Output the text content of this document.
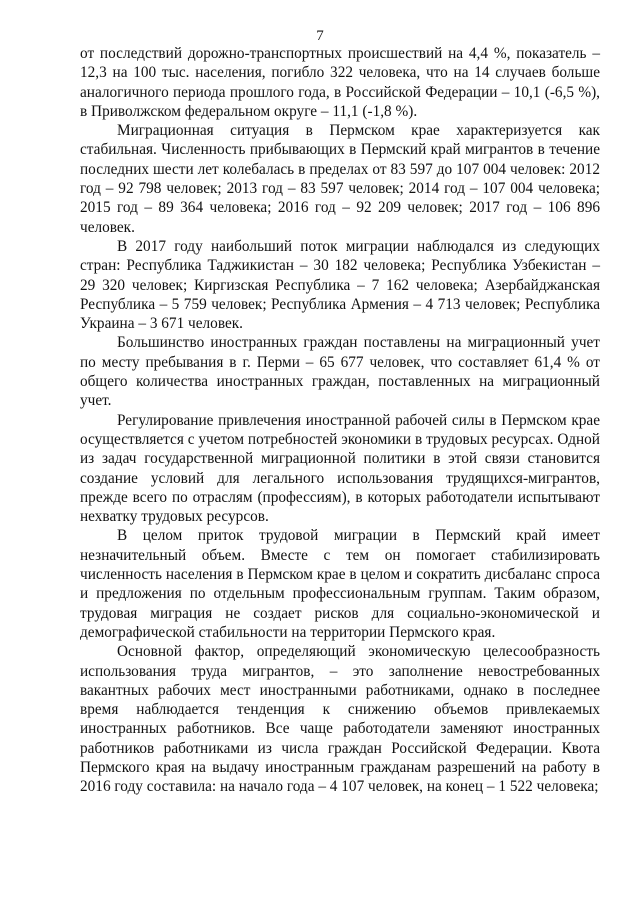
7

от последствий дорожно-транспортных происшествий на 4,4 %, показатель – 12,3 на 100 тыс. населения, погибло 322 человека, что на 14 случаев больше аналогичного периода прошлого года, в Российской Федерации – 10,1 (-6,5 %), в Приволжском федеральном округе – 11,1 (-1,8 %).

Миграционная ситуация в Пермском крае характеризуется как стабильная. Численность прибывающих в Пермский край мигрантов в течение последних шести лет колебалась в пределах от 83 597 до 107 004 человек: 2012 год – 92 798 человек; 2013 год – 83 597 человек; 2014 год – 107 004 человека; 2015 год – 89 364 человека; 2016 год – 92 209 человек; 2017 год – 106 896 человек.

В 2017 году наибольший поток миграции наблюдался из следующих стран: Республика Таджикистан – 30 182 человека; Республика Узбекистан – 29 320 человек; Киргизская Республика – 7 162 человека; Азербайджанская Республика – 5 759 человек; Республика Армения – 4 713 человек; Республика Украина – 3 671 человек.

Большинство иностранных граждан поставлены на миграционный учет по месту пребывания в г. Перми – 65 677 человек, что составляет 61,4 % от общего количества иностранных граждан, поставленных на миграционный учет.

Регулирование привлечения иностранной рабочей силы в Пермском крае осуществляется с учетом потребностей экономики в трудовых ресурсах. Одной из задач государственной миграционной политики в этой связи становится создание условий для легального использования трудящихся-мигрантов, прежде всего по отраслям (профессиям), в которых работодатели испытывают нехватку трудовых ресурсов.

В целом приток трудовой миграции в Пермский край имеет незначительный объем. Вместе с тем он помогает стабилизировать численность населения в Пермском крае в целом и сократить дисбаланс спроса и предложения по отдельным профессиональным группам. Таким образом, трудовая миграция не создает рисков для социально-экономической и демографической стабильности на территории Пермского края.

Основной фактор, определяющий экономическую целесообразность использования труда мигрантов, – это заполнение невостребованных вакантных рабочих мест иностранными работниками, однако в последнее время наблюдается тенденция к снижению объемов привлекаемых иностранных работников. Все чаще работодатели заменяют иностранных работников работниками из числа граждан Российской Федерации. Квота Пермского края на выдачу иностранным гражданам разрешений на работу в 2016 году составила: на начало года – 4 107 человек, на конец – 1 522 человека;
